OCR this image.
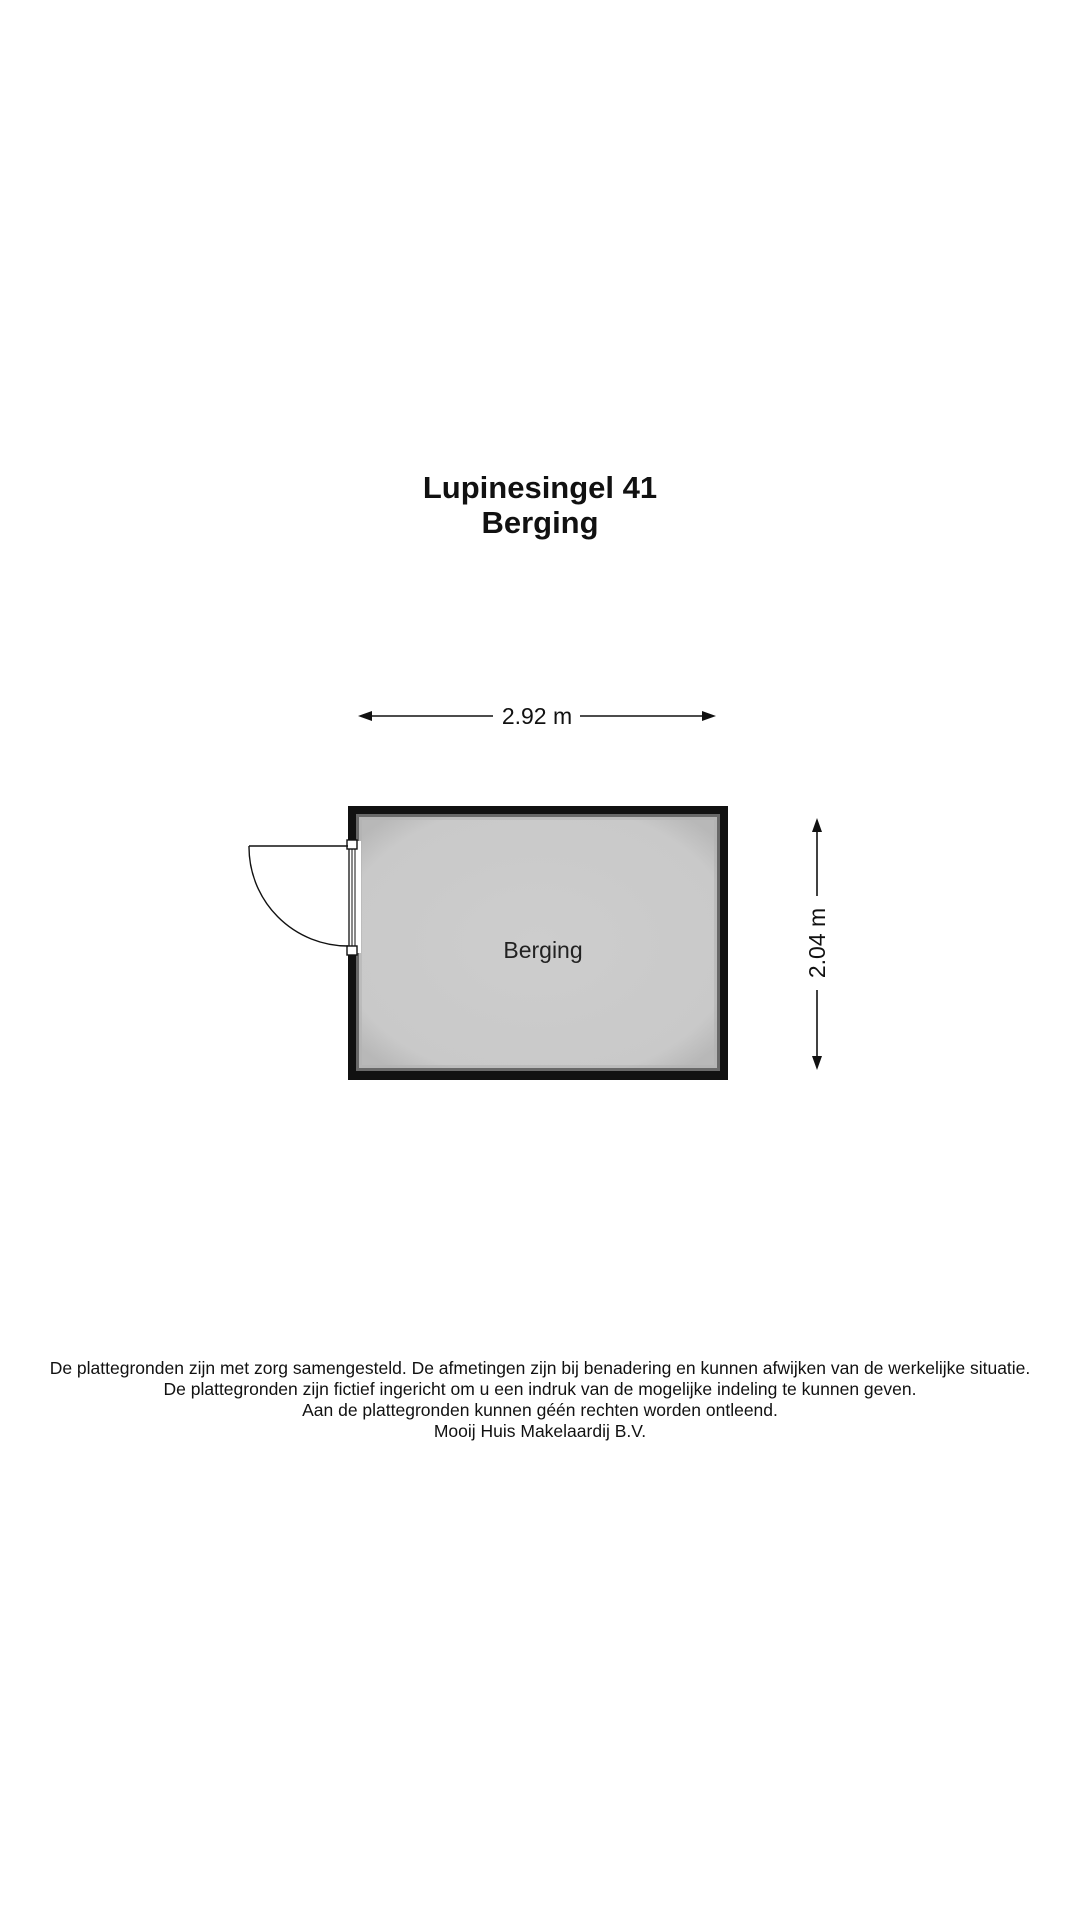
Lupinesingel 41
Berging
2.92 m
2.04 m
Berging
De plattegronden zijn met zorg samengesteld. De afmetingen zijn bij benadering en kunnen afwijken van de werkelijke situatie.
De plattegronden zijn fictief ingericht om u een indruk van de mogelijke indeling te kunnen geven.
Aan de plattegronden kunnen géén rechten worden ontleend.
Mooij Huis Makelaardij B.V.
